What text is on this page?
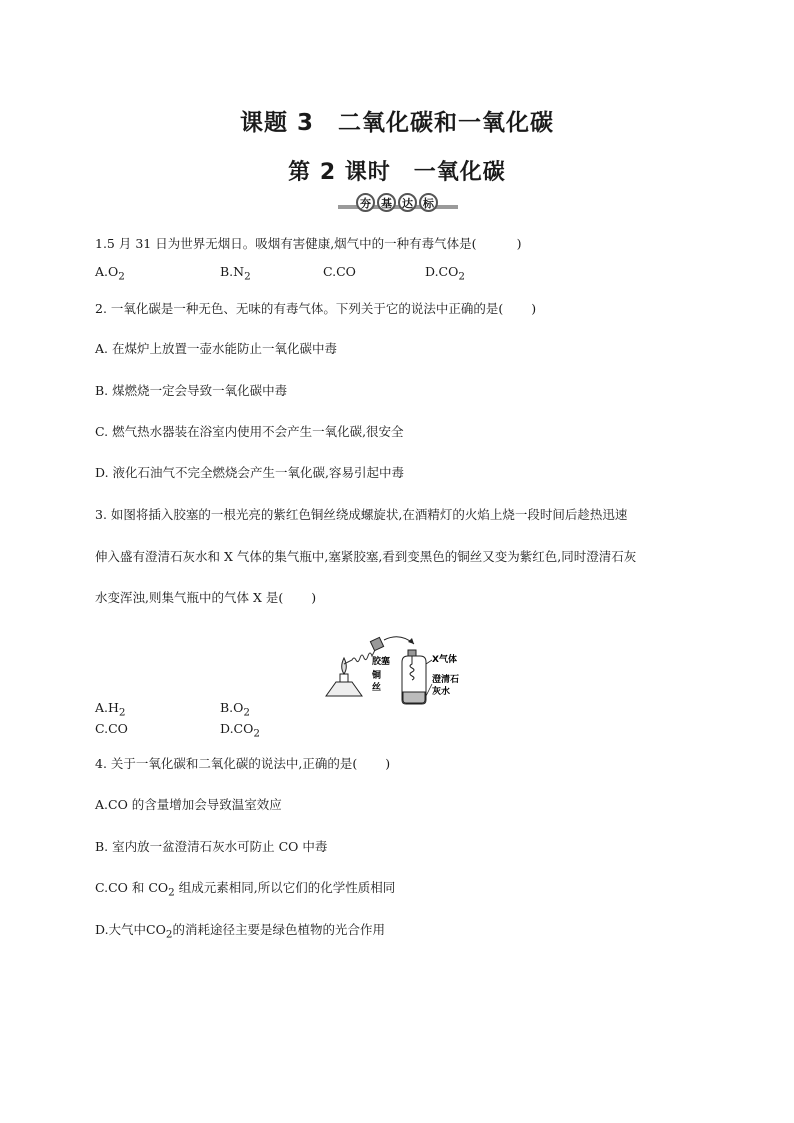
课题 3　二氧化碳和一氧化碳
第 2 课时　一氧化碳
夯 基 达 标
1.5 月 31 日为世界无烟日。吸烟有害健康,烟气中的一种有毒气体是(	)
$A.O_2$	$B.N_2$	C.CO	$D.CO_2$
2. 一氧化碳是一种无色、无味的有毒气体。下列关于它的说法中正确的是( )
A. 在煤炉上放置一壶水能防止一氧化碳中毒
B. 煤燃烧一定会导致一氧化碳中毒
C. 燃气热水器装在浴室内使用不会产生一氧化碳,很安全
D. 液化石油气不完全燃烧会产生一氧化碳,容易引起中毒
3. 如图将插入胶塞的一根光亮的紫红色铜丝绕成螺旋状,在酒精灯的火焰上烧一段时间后趁热迅速
伸入盛有澄清石灰水和 X 气体的集气瓶中,塞紧胶塞,看到变黑色的铜丝又变为紫红色,同时澄清石灰
水变浑浊,则集气瓶中的气体 X 是( )
胶塞
铜
丝
X气体
澄清石
灰水
$A.H_2$	$B.O_2$
C.CO	$D.CO_2$
4. 关于一氧化碳和二氧化碳的说法中,正确的是( )
A.CO 的含量增加会导致温室效应
B. 室内放一盆澄清石灰水可防止 CO 中毒
C.CO 和 $CO_2$ 组成元素相同,所以它们的化学性质相同
D.大气中$CO_2$的消耗途径主要是绿色植物的光合作用
